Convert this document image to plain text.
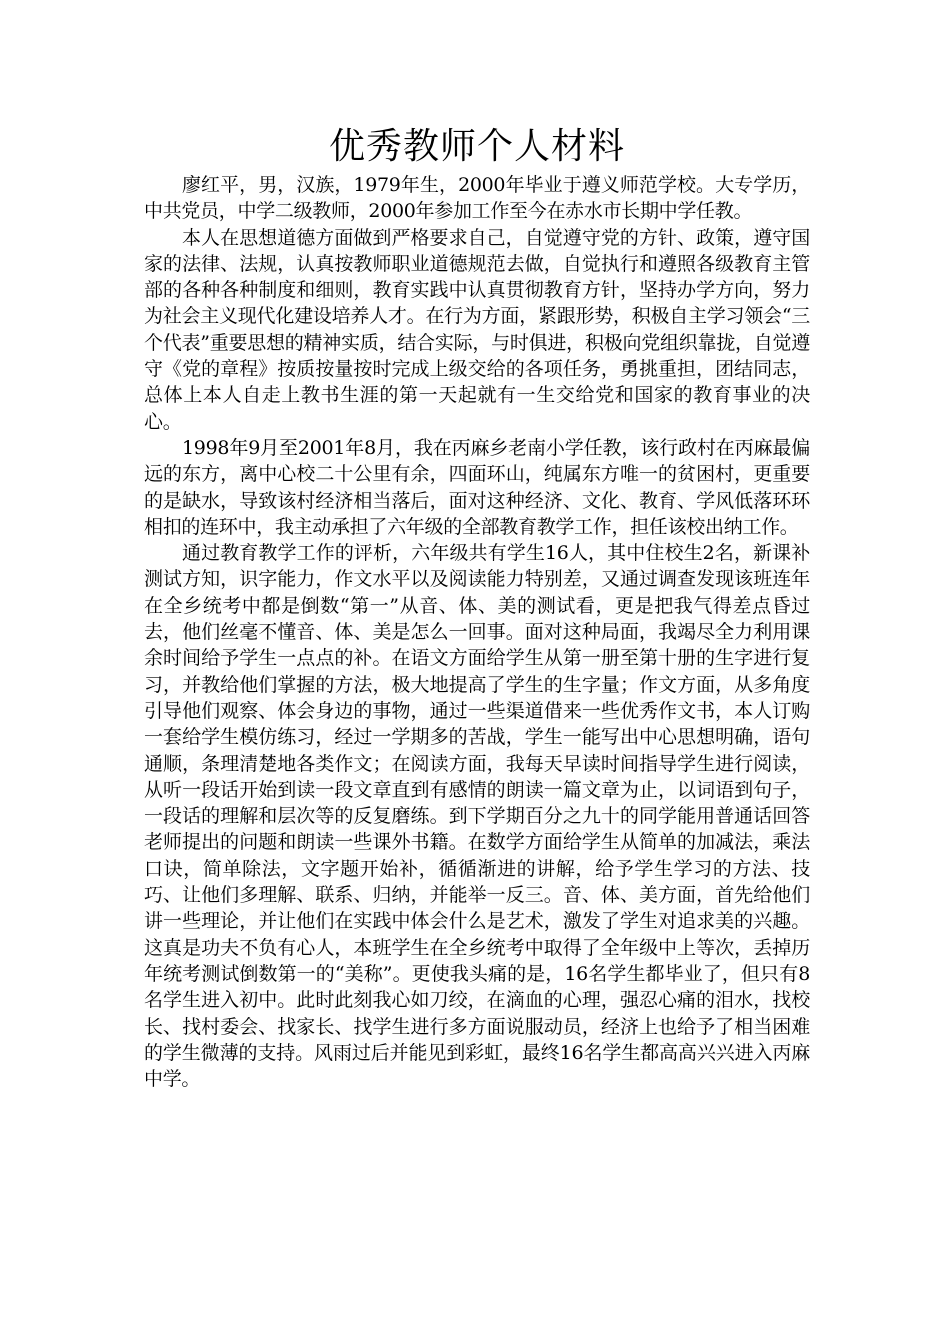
优秀教师个人材料

廖红平，男，汉族，1979年生，2000年毕业于遵义师范学校。大专学历，中共党员，中学二级教师，2000年参加工作至今在赤水市长期中学任教。

本人在思想道德方面做到严格要求自己，自觉遵守党的方针、政策，遵守国家的法律、法规，认真按教师职业道德规范去做，自觉执行和遵照各级教育主管部的各种各种制度和细则，教育实践中认真贯彻教育方针，坚持办学方向，努力为社会主义现代化建设培养人才。在行为方面，紧跟形势，积极自主学习领会“三个代表”重要思想的精神实质，结合实际，与时俱进，积极向党组织靠拢，自觉遵守《党的章程》按质按量按时完成上级交给的各项任务，勇挑重担，团结同志，总体上本人自走上教书生涯的第一天起就有一生交给党和国家的教育事业的决心。

1998年9月至2001年8月，我在丙麻乡老南小学任教，该行政村在丙麻最偏远的东方，离中心校二十公里有余，四面环山，纯属东方唯一的贫困村，更重要的是缺水，导致该村经济相当落后，面对这种经济、文化、教育、学风低落环环相扣的连环中，我主动承担了六年级的全部教育教学工作，担任该校出纳工作。

通过教育教学工作的评析，六年级共有学生16人，其中住校生2名，新课补测试方知，识字能力，作文水平以及阅读能力特别差，又通过调查发现该班连年在全乡统考中都是倒数“第一”从音、体、美的测试看，更是把我气得差点昏过去，他们丝毫不懂音、体、美是怎么一回事。面对这种局面，我竭尽全力利用课余时间给予学生一点点的补。在语文方面给学生从第一册至第十册的生字进行复习，并教给他们掌握的方法，极大地提高了学生的生字量；作文方面，从多角度引导他们观察、体会身边的事物，通过一些渠道借来一些优秀作文书，本人订购一套给学生模仿练习，经过一学期多的苦战，学生一能写出中心思想明确，语句通顺，条理清楚地各类作文；在阅读方面，我每天早读时间指导学生进行阅读，从听一段话开始到读一段文章直到有感情的朗读一篇文章为止，以词语到句子，一段话的理解和层次等的反复磨练。到下学期百分之九十的同学能用普通话回答老师提出的问题和朗读一些课外书籍。在数学方面给学生从简单的加减法，乘法口诀，简单除法，文字题开始补，循循渐进的讲解，给予学生学习的方法、技巧、让他们多理解、联系、归纳，并能举一反三。音、体、美方面，首先给他们讲一些理论，并让他们在实践中体会什么是艺术，激发了学生对追求美的兴趣。这真是功夫不负有心人，本班学生在全乡统考中取得了全年级中上等次，丢掉历年统考测试倒数第一的“美称”。更使我头痛的是，16名学生都毕业了，但只有8名学生进入初中。此时此刻我心如刀绞，在滴血的心理，强忍心痛的泪水，找校长、找村委会、找家长、找学生进行多方面说服动员，经济上也给予了相当困难的学生微薄的支持。风雨过后并能见到彩虹，最终16名学生都高高兴兴进入丙麻中学。
